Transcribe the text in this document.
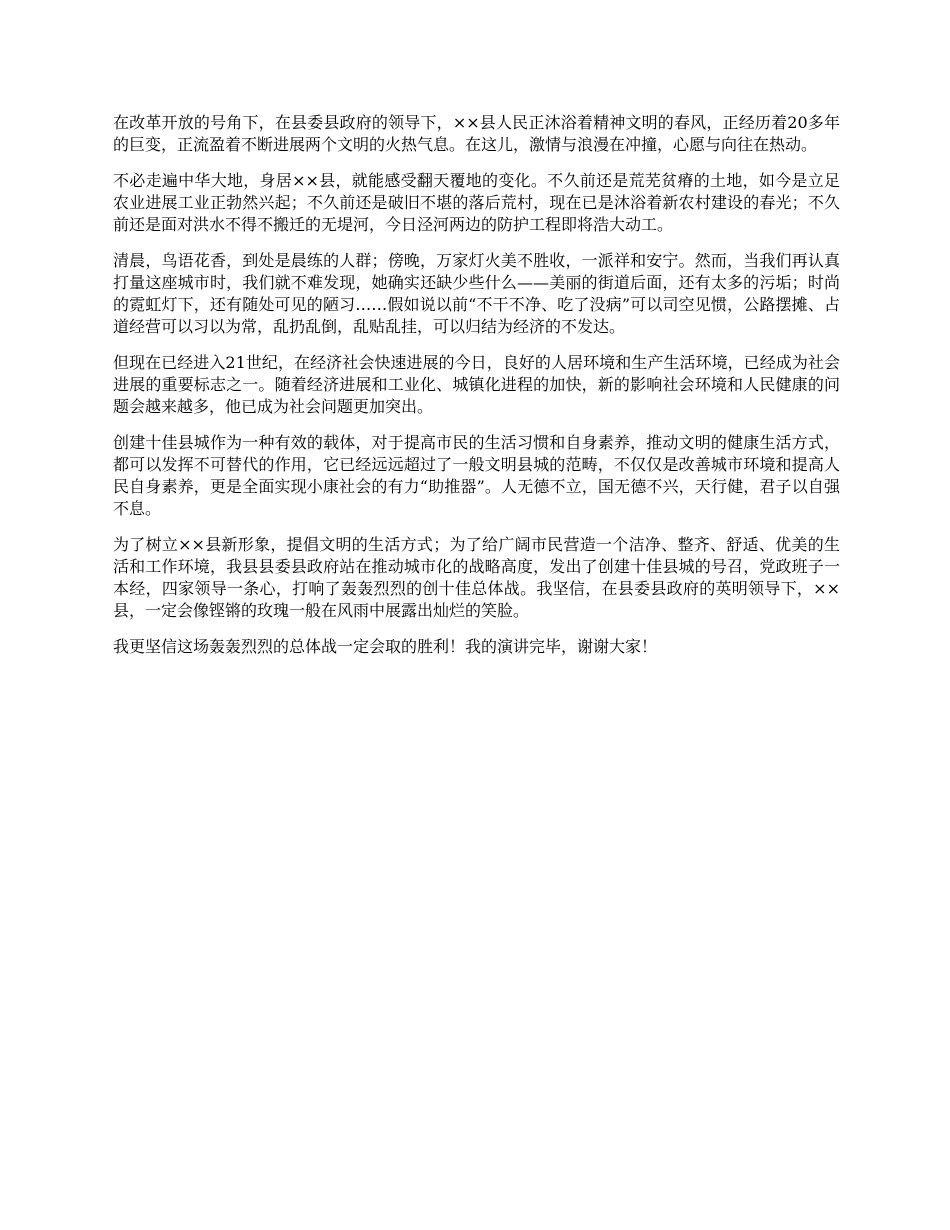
在改革开放的号角下，在县委县政府的领导下，××县人民正沐浴着精神文明的春风，正经历着20多年的巨变，正流盈着不断进展两个文明的火热气息。在这儿，激情与浪漫在冲撞，心愿与向往在热动。

不必走遍中华大地，身居××县，就能感受翻天覆地的变化。不久前还是荒芜贫瘠的土地，如今是立足农业进展工业正勃然兴起；不久前还是破旧不堪的落后荒村，现在已是沐浴着新农村建设的春光；不久前还是面对洪水不得不搬迁的无堤河，今日泾河两边的防护工程即将浩大动工。

清晨，鸟语花香，到处是晨练的人群；傍晚，万家灯火美不胜收，一派祥和安宁。然而，当我们再认真打量这座城市时，我们就不难发现，她确实还缺少些什么——美丽的街道后面，还有太多的污垢；时尚的霓虹灯下，还有随处可见的陋习……假如说以前“不干不净、吃了没病”可以司空见惯，公路摆摊、占道经营可以习以为常，乱扔乱倒，乱贴乱挂，可以归结为经济的不发达。

但现在已经进入21世纪，在经济社会快速进展的今日，良好的人居环境和生产生活环境，已经成为社会进展的重要标志之一。随着经济进展和工业化、城镇化进程的加快，新的影响社会环境和人民健康的问题会越来越多，他已成为社会问题更加突出。

创建十佳县城作为一种有效的载体，对于提高市民的生活习惯和自身素养，推动文明的健康生活方式，都可以发挥不可替代的作用，它已经远远超过了一般文明县城的范畴，不仅仅是改善城市环境和提高人民自身素养，更是全面实现小康社会的有力“助推器”。人无德不立，国无德不兴，天行健，君子以自强不息。

为了树立××县新形象，提倡文明的生活方式；为了给广阔市民营造一个洁净、整齐、舒适、优美的生活和工作环境，我县县委县政府站在推动城市化的战略高度，发出了创建十佳县城的号召，党政班子一本经，四家领导一条心，打响了轰轰烈烈的创十佳总体战。我坚信，在县委县政府的英明领导下，××县，一定会像铿锵的玫瑰一般在风雨中展露出灿烂的笑脸。

我更坚信这场轰轰烈烈的总体战一定会取的胜利！我的演讲完毕，谢谢大家！
